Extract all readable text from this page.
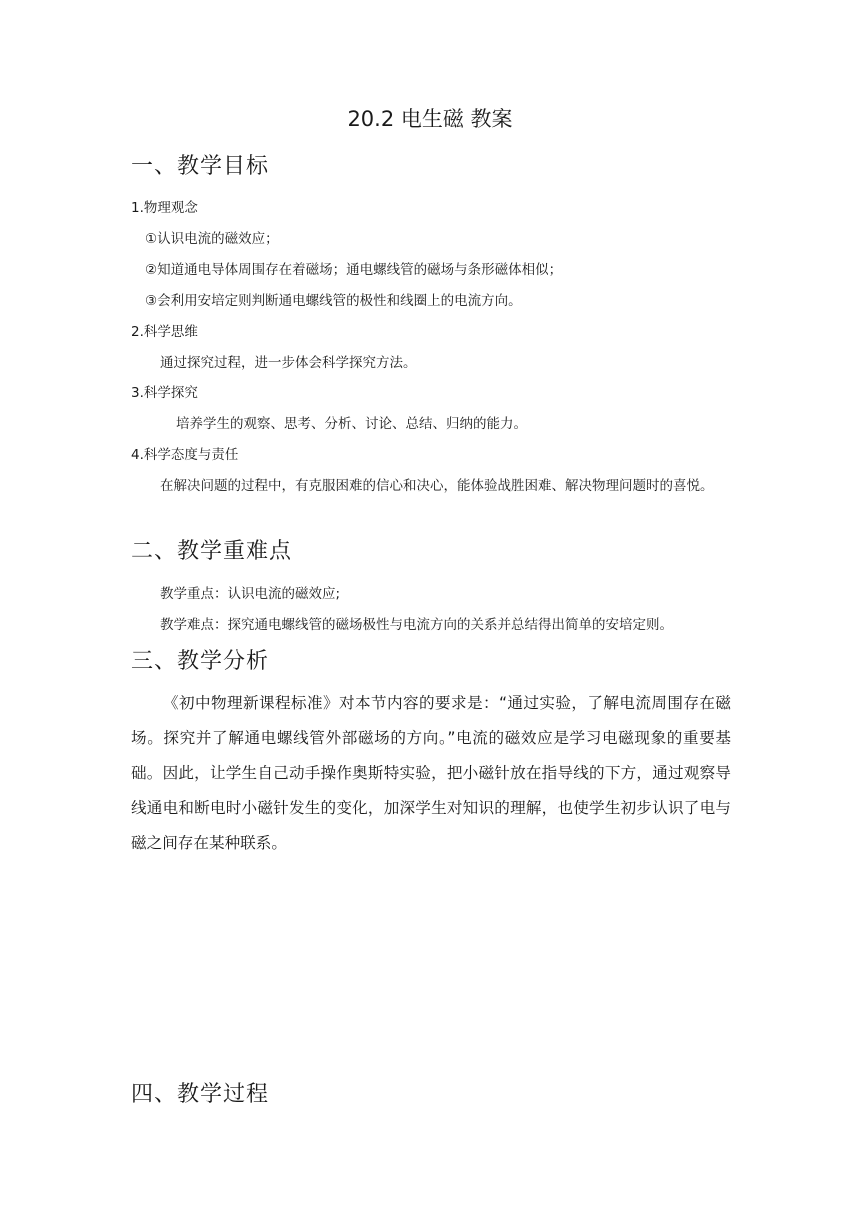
20.2 电生磁 教案
一、教学目标
1.物理观念
①认识电流的磁效应；
②知道通电导体周围存在着磁场；通电螺线管的磁场与条形磁体相似；
③会利用安培定则判断通电螺线管的极性和线圈上的电流方向。
2.科学思维
通过探究过程，进一步体会科学探究方法。
3.科学探究
培养学生的观察、思考、分析、讨论、总结、归纳的能力。
4.科学态度与责任
在解决问题的过程中，有克服困难的信心和决心，能体验战胜困难、解决物理问题时的喜悦。
二、教学重难点
教学重点：认识电流的磁效应;
教学难点：探究通电螺线管的磁场极性与电流方向的关系并总结得出简单的安培定则。
三、教学分析
《初中物理新课程标准》对本节内容的要求是：“通过实验，了解电流周围存在磁场。探究并了解通电螺线管外部磁场的方向。”电流的磁效应是学习电磁现象的重要基础。因此，让学生自己动手操作奥斯特实验，把小磁针放在指导线的下方，通过观察导线通电和断电时小磁针发生的变化，加深学生对知识的理解，也使学生初步认识了电与磁之间存在某种联系。
四、教学过程
